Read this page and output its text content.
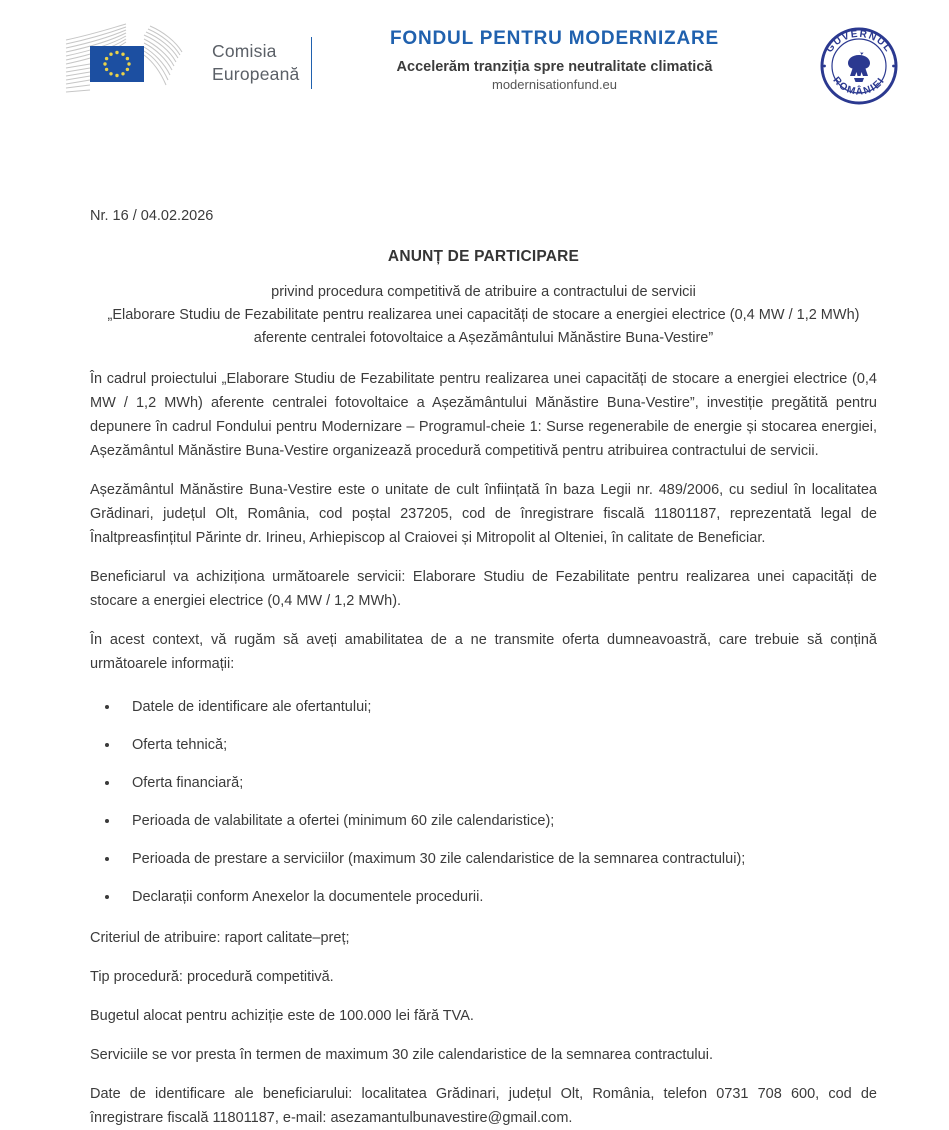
Comisia
Europeană
FONDUL PENTRU MODERNIZARE
Accelerăm tranziția spre neutralitate climatică
modernisationfund.eu
GUVERNUL
ROMÂNIEI
Nr. 16 / 04.02.2026
ANUNȚ DE PARTICIPARE
privind procedura competitivă de atribuire a contractului de servicii
„Elaborare Studiu de Fezabilitate pentru realizarea unei capacități de stocare a energiei electrice (0,4 MW / 1,2 MWh)
aferente centralei fotovoltaice a Așezământului Mănăstire Buna-Vestire”

În cadrul proiectului „Elaborare Studiu de Fezabilitate pentru realizarea unei capacități de stocare a energiei electrice (0,4 MW / 1,2 MWh) aferente centralei fotovoltaice a Așezământului Mănăstire Buna-Vestire”, investiție pregătită pentru depunere în cadrul Fondului pentru Modernizare – Programul-cheie 1: Surse regenerabile de energie și stocarea energiei, Așezământul Mănăstire Buna-Vestire organizează procedură competitivă pentru atribuirea contractului de servicii.

Așezământul Mănăstire Buna-Vestire este o unitate de cult înființată în baza Legii nr. 489/2006, cu sediul în localitatea Grădinari, județul Olt, România, cod poștal 237205, cod de înregistrare fiscală 11801187, reprezentată legal de Înaltpreasfințitul Părinte dr. Irineu, Arhiepiscop al Craiovei și Mitropolit al Olteniei, în calitate de Beneficiar.

Beneficiarul va achiziționa următoarele servicii: Elaborare Studiu de Fezabilitate pentru realizarea unei capacități de stocare a energiei electrice (0,4 MW / 1,2 MWh).

În acest context, vă rugăm să aveți amabilitatea de a ne transmite oferta dumneavoastră, care trebuie să conțină următoarele informații:

• Datele de identificare ale ofertantului;
• Oferta tehnică;
• Oferta financiară;
• Perioada de valabilitate a ofertei (minimum 60 zile calendaristice);
• Perioada de prestare a serviciilor (maximum 30 zile calendaristice de la semnarea contractului);
• Declarații conform Anexelor la documentele procedurii.

Criteriul de atribuire: raport calitate–preț;

Tip procedură: procedură competitivă.

Bugetul alocat pentru achiziție este de 100.000 lei fără TVA.

Serviciile se vor presta în termen de maximum 30 zile calendaristice de la semnarea contractului.

Date de identificare ale beneficiarului: localitatea Grădinari, județul Olt, România, telefon 0731 708 600, cod de înregistrare fiscală 11801187, e-mail: asezamantulbunavestire@gmail.com.
